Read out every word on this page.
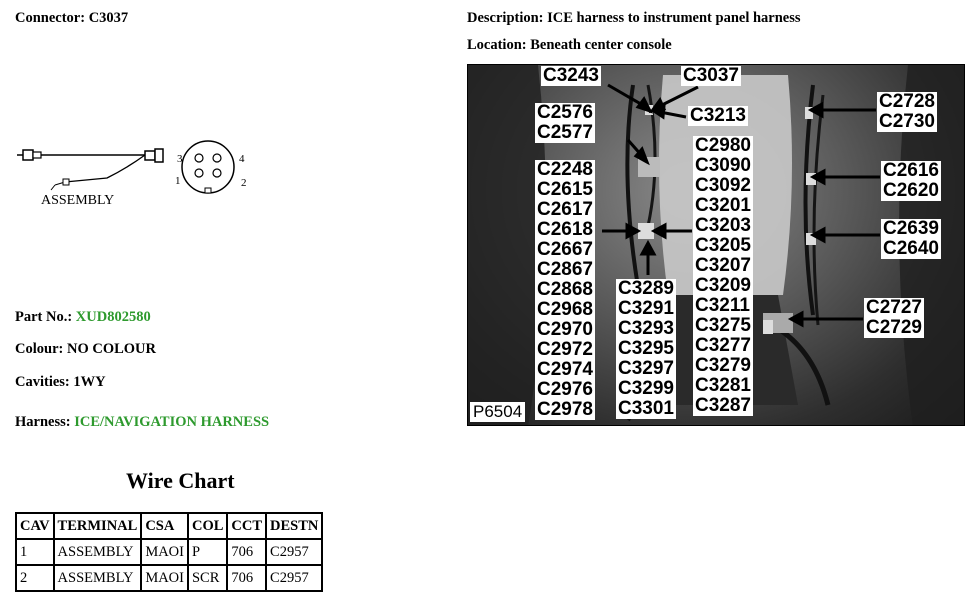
Connector: C3037	Description: ICE harness to instrument panel harness
Location: Beneath center console
ASSEMBLY
3	4
1	2
Part No.: XUD802580
Colour: NO COLOUR
Cavities: 1WY
Harness: ICE/NAVIGATION HARNESS
C3243	C3037
C3213
C2728
C2730
C2576
C2577
C2616
C2620
C2639
C2640
C2727
C2729
C2248
C2615
C2617
C2618
C2667
C2867
C2868
C2968
C2970
C2972
C2974
C2976
C2978
C3289
C3291
C3293
C3295
C3297
C3299
C3301
C2980
C3090
C3092
C3201
C3203
C3205
C3207
C3209
C3211
C3275
C3277
C3279
C3281
C3287
P6504
Wire Chart
CAV	TERMINAL	CSA	COL	CCT	DESTN
1	ASSEMBLY	MAOI	P	706	C2957
2	ASSEMBLY	MAOI	SCR	706	C2957
